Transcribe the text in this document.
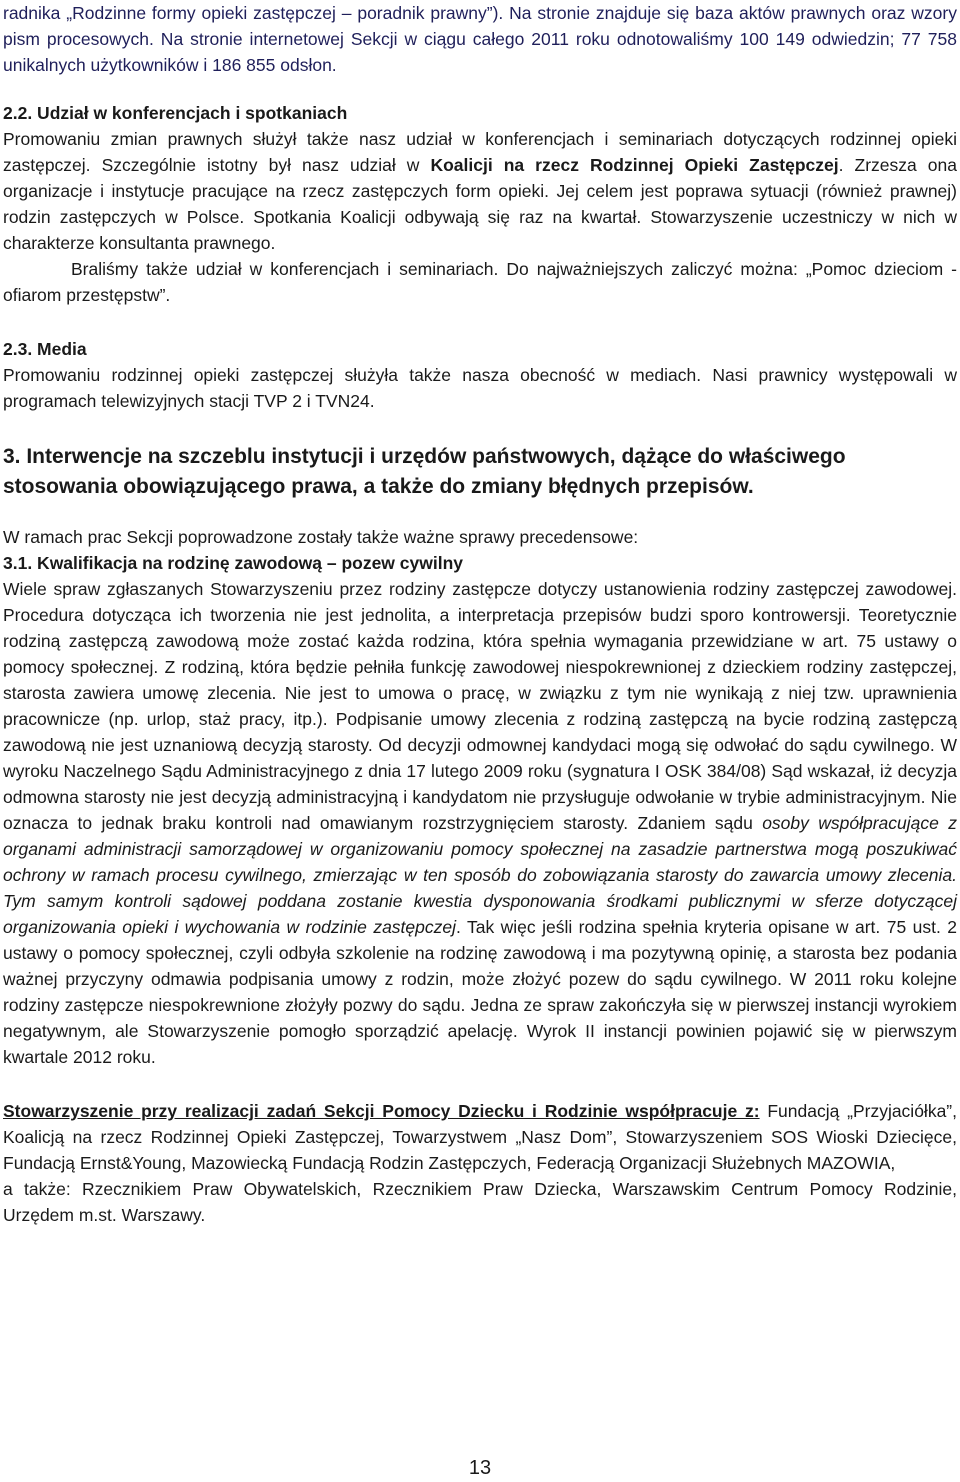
radnika „Rodzinne formy opieki zastępczej – poradnik prawny”). Na stronie znajduje się baza aktów prawnych oraz wzory pism procesowych. Na stronie internetowej Sekcji w ciągu całego 2011 roku odnotowaliśmy 100 149 odwiedzin; 77 758 unikalnych użytkowników i 186 855 odsłon.

2.2. Udział w konferencjach i spotkaniach

Promowaniu zmian prawnych służył także nasz udział w konferencjach i seminariach dotyczących rodzinnej opieki zastępczej. Szczególnie istotny był nasz udział w Koalicji na rzecz Rodzinnej Opieki Zastępczej. Zrzesza ona organizacje i instytucje pracujące na rzecz zastępczych form opieki. Jej celem jest poprawa sytuacji (również prawnej) rodzin zastępczych w Polsce. Spotkania Koalicji odbywają się raz na kwartał. Stowarzyszenie uczestniczy w nich w charakterze konsultanta prawnego.

Braliśmy także udział w konferencjach i seminariach. Do najważniejszych zaliczyć można: „Pomoc dzieciom - ofiarom przestępstw”.

2.3. Media

Promowaniu rodzinnej opieki zastępczej służyła także nasza obecność w mediach. Nasi prawnicy występowali w programach telewizyjnych stacji TVP 2 i TVN24.

3. Interwencje na szczeblu instytucji i urzędów państwowych, dążące do właściwego stosowania obowiązującego prawa, a także do zmiany błędnych przepisów.

W ramach prac Sekcji poprowadzone zostały także ważne sprawy precedensowe:

3.1. Kwalifikacja na rodzinę zawodową – pozew cywilny

Wiele spraw zgłaszanych Stowarzyszeniu przez rodziny zastępcze dotyczy ustanowienia rodziny zastępczej zawodowej. Procedura dotycząca ich tworzenia nie jest jednolita, a interpretacja przepisów budzi sporo kontrowersji. Teoretycznie rodziną zastępczą zawodową może zostać każda rodzina, która spełnia wymagania przewidziane w art. 75 ustawy o pomocy społecznej. Z rodziną, która będzie pełniła funkcję zawodowej niespokrewnionej z dzieckiem rodziny zastępczej, starosta zawiera umowę zlecenia. Nie jest to umowa o pracę, w związku z tym nie wynikają z niej tzw. uprawnienia pracownicze (np. urlop, staż pracy, itp.). Podpisanie umowy zlecenia z rodziną zastępczą na bycie rodziną zastępczą zawodową nie jest uznaniową decyzją starosty. Od decyzji odmownej kandydaci mogą się odwołać do sądu cywilnego. W wyroku Naczelnego Sądu Administracyjnego z dnia 17 lutego 2009 roku (sygnatura I OSK 384/08) Sąd wskazał, iż decyzja odmowna starosty nie jest decyzją administracyjną i kandydatom nie przysługuje odwołanie w trybie administracyjnym. Nie oznacza to jednak braku kontroli nad omawianym rozstrzygnięciem starosty. Zdaniem sądu osoby współpracujące z organami administracji samorządowej w organizowaniu pomocy społecznej na zasadzie partnerstwa mogą poszukiwać ochrony w ramach procesu cywilnego, zmierzając w ten sposób do zobowiązania starosty do zawarcia umowy zlecenia. Tym samym kontroli sądowej poddana zostanie kwestia dysponowania środkami publicznymi w sferze dotyczącej organizowania opieki i wychowania w rodzinie zastępczej. Tak więc jeśli rodzina spełnia kryteria opisane w art. 75 ust. 2 ustawy o pomocy społecznej, czyli odbyła szkolenie na rodzinę zawodową i ma pozytywną opinię, a starosta bez podania ważnej przyczyny odmawia podpisania umowy z rodzin, może złożyć pozew do sądu cywilnego. W 2011 roku kolejne rodziny zastępcze niespokrewnione złożyły pozwy do sądu. Jedna ze spraw zakończyła się w pierwszej instancji wyrokiem negatywnym, ale Stowarzyszenie pomogło sporządzić apelację. Wyrok II instancji powinien pojawić się w pierwszym kwartale 2012 roku.

Stowarzyszenie przy realizacji zadań Sekcji Pomocy Dziecku i Rodzinie współpracuje z: Fundacją „Przyjaciółka”, Koalicją na rzecz Rodzinnej Opieki Zastępczej, Towarzystwem „Nasz Dom”, Stowarzyszeniem SOS Wioski Dziecięce, Fundacją Ernst&Young, Mazowiecką Fundacją Rodzin Zastępczych, Federacją Organizacji Służebnych MAZOWIA,

a także: Rzecznikiem Praw Obywatelskich, Rzecznikiem Praw Dziecka, Warszawskim Centrum Pomocy Rodzinie, Urzędem m.st. Warszawy.

13
